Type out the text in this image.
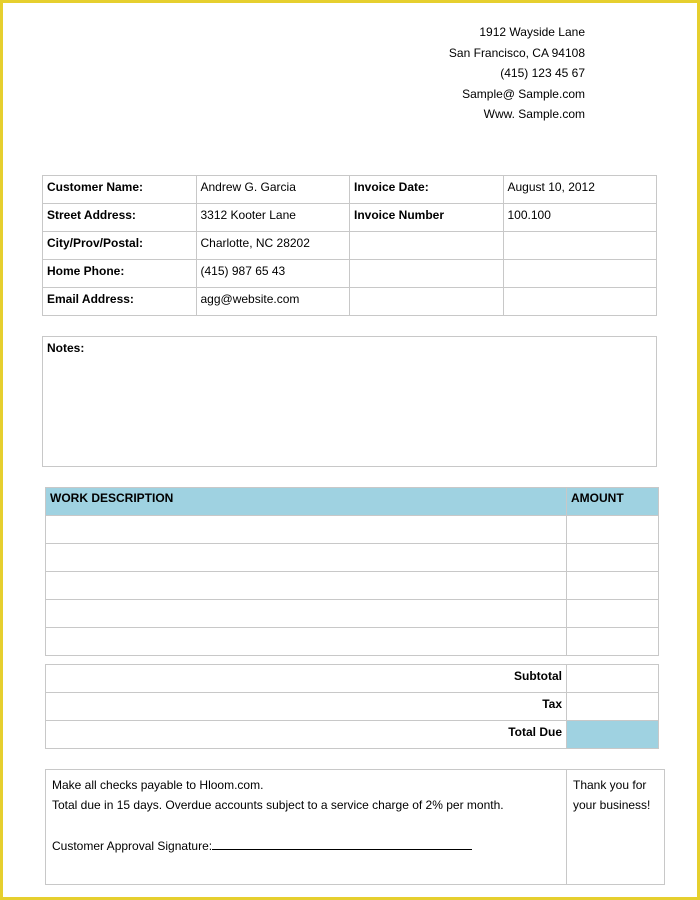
1912 Wayside Lane
San Francisco, CA 94108
(415) 123 45 67
Sample@ Sample.com
Www. Sample.com
Customer Name:	Andrew G. Garcia	Invoice Date:	August 10, 2012
Street Address:	3312 Kooter Lane	Invoice Number	100.100
City/Prov/Postal:	Charlotte, NC 28202		
Home Phone:	(415) 987 65 43		
Email Address:	agg@website.com		
Notes:
WORK DESCRIPTION	AMOUNT

Subtotal	
Tax	
Total Due	
Make all checks payable to Hloom.com.
Total due in 15 days. Overdue accounts subject to a service charge of 2% per month.
Customer Approval Signature:
	Thank you for your business!
